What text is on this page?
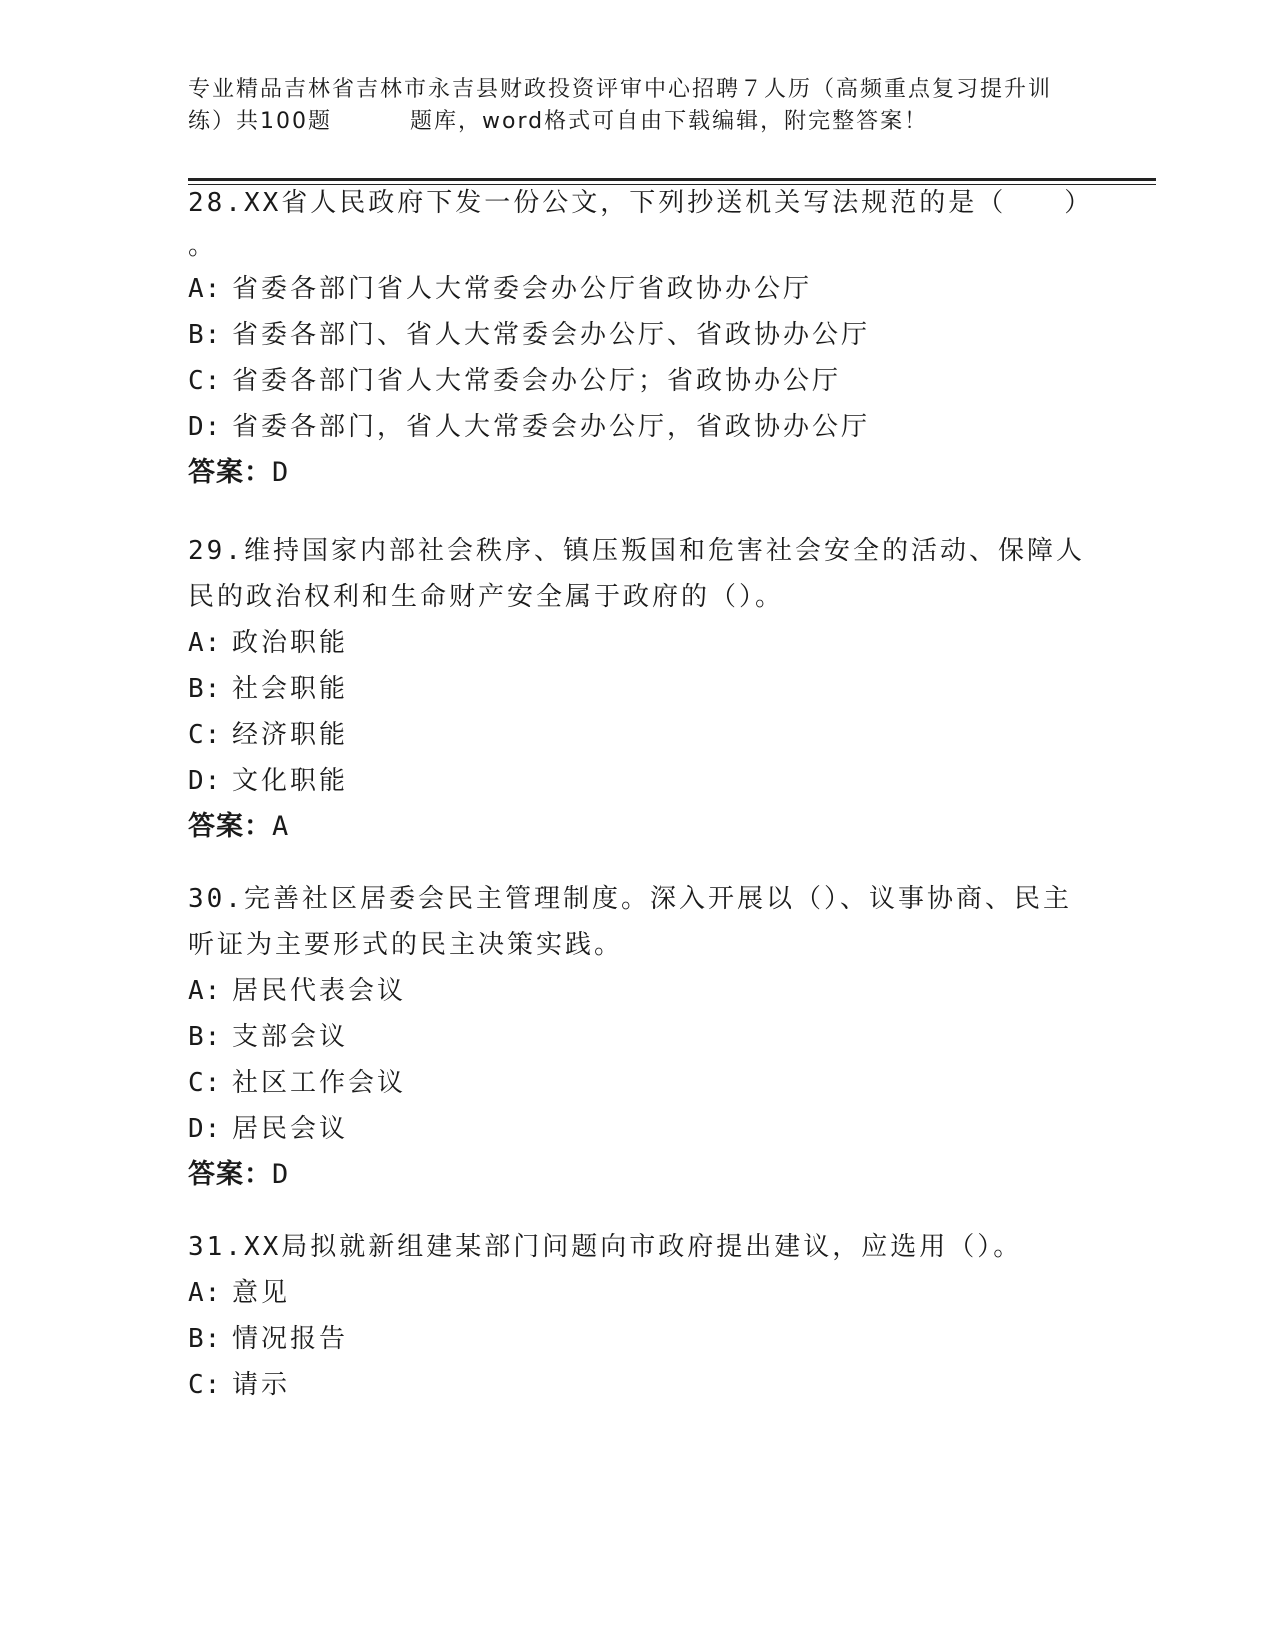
专业精品吉林省吉林市永吉县财政投资评审中心招聘７人历（高频重点复习提升训
练）共100题	题库，word格式可自由下载编辑，附完整答案！
28.XX省人民政府下发一份公文，下列抄送机关写法规范的是（　　）
。
A: 省委各部门省人大常委会办公厅省政协办公厅
B: 省委各部门、省人大常委会办公厅、省政协办公厅
C: 省委各部门省人大常委会办公厅；省政协办公厅
D: 省委各部门，省人大常委会办公厅，省政协办公厅
答案：D
29.维持国家内部社会秩序、镇压叛国和危害社会安全的活动、保障人
民的政治权利和生命财产安全属于政府的（）。
A: 政治职能
B: 社会职能
C: 经济职能
D: 文化职能
答案：A
30.完善社区居委会民主管理制度。深入开展以（）、议事协商、民主
听证为主要形式的民主决策实践。
A: 居民代表会议
B: 支部会议
C: 社区工作会议
D: 居民会议
答案：D
31.XX局拟就新组建某部门问题向市政府提出建议，应选用（）。
A: 意见
B: 情况报告
C: 请示
